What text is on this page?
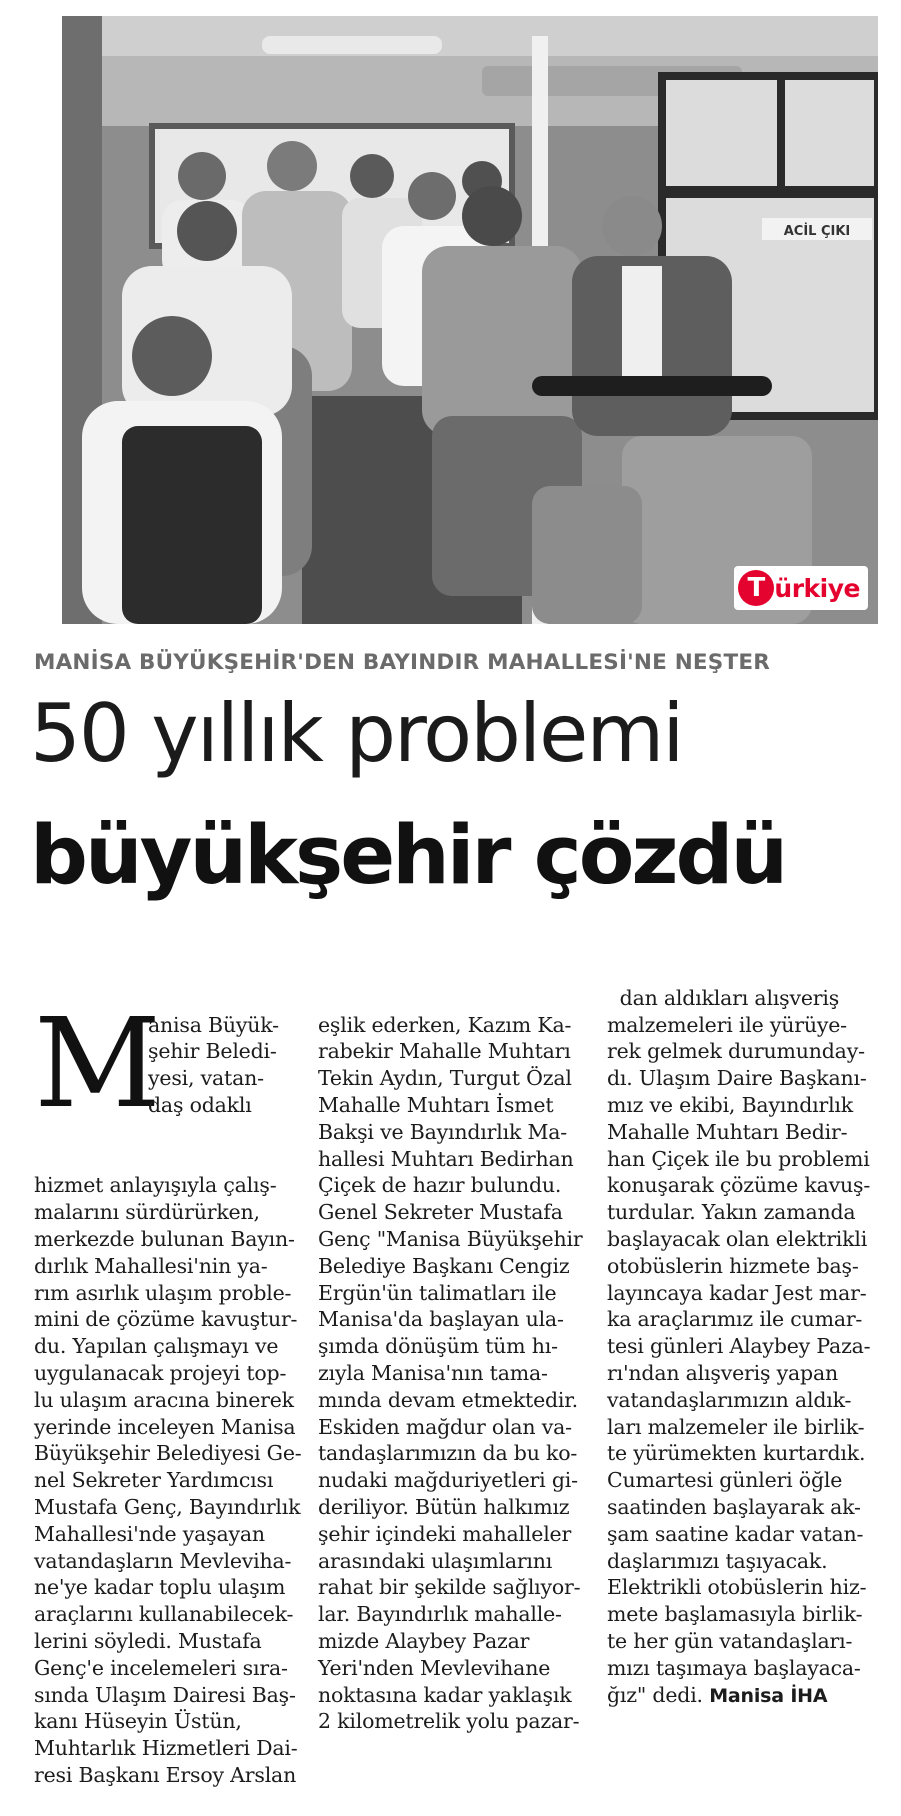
ACİL ÇIKI
T ürkiye
MANİSA BÜYÜKŞEHİR'DEN BAYINDIR MAHALLESİ'NE NEŞTER
50 yıllık problemi
büyükşehir çözdü

M

anisa Büyük-
şehir Beledi-
yesi, vatan-
daş odaklı

hizmet anlayışıyla çalış-
malarını sürdürürken,
merkezde bulunan Bayın-
dırlık Mahallesi'nin ya-
rım asırlık ulaşım proble-
mini de çözüme kavuştur-
du. Yapılan çalışmayı ve
uygulanacak projeyi top-
lu ulaşım aracına binerek
yerinde inceleyen Manisa
Büyükşehir Belediyesi Ge-
nel Sekreter Yardımcısı
Mustafa Genç, Bayındırlık
Mahallesi'nde yaşayan
vatandaşların Mevleviha-
ne'ye kadar toplu ulaşım
araçlarını kullanabilecek-
lerini söyledi. Mustafa
Genç'e incelemeleri sıra-
sında Ulaşım Dairesi Baş-
kanı Hüseyin Üstün,
Muhtarlık Hizmetleri Dai-
resi Başkanı Ersoy Arslan

eşlik ederken, Kazım Ka-
rabekir Mahalle Muhtarı
Tekin Aydın, Turgut Özal
Mahalle Muhtarı İsmet
Bakşi ve Bayındırlık Ma-
hallesi Muhtarı Bedirhan
Çiçek de hazır bulundu.
Genel Sekreter Mustafa
Genç "Manisa Büyükşehir
Belediye Başkanı Cengiz
Ergün'ün talimatları ile
Manisa'da başlayan ula-
şımda dönüşüm tüm hı-
zıyla Manisa'nın tama-
mında devam etmektedir.
Eskiden mağdur olan va-
tandaşlarımızın da bu ko-
nudaki mağduriyetleri gi-
deriliyor. Bütün halkımız
şehir içindeki mahalleler
arasındaki ulaşımlarını
rahat bir şekilde sağlıyor-
lar. Bayındırlık mahalle-
mizde Alaybey Pazar
Yeri'nden Mevlevihane
noktasına kadar yaklaşık
2 kilometrelik yolu pazar-

dan aldıkları alışveriş
malzemeleri ile yürüye-
rek gelmek durumunday-
dı. Ulaşım Daire Başkanı-
mız ve ekibi, Bayındırlık
Mahalle Muhtarı Bedir-
han Çiçek ile bu problemi
konuşarak çözüme kavuş-
turdular. Yakın zamanda
başlayacak olan elektrikli
otobüslerin hizmete baş-
layıncaya kadar Jest mar-
ka araçlarımız ile cumar-
tesi günleri Alaybey Paza-
rı'ndan alışveriş yapan
vatandaşlarımızın aldık-
ları malzemeler ile birlik-
te yürümekten kurtardık.
Cumartesi günleri öğle
saatinden başlayarak ak-
şam saatine kadar vatan-
daşlarımızı taşıyacak.
Elektrikli otobüslerin hiz-
mete başlamasıyla birlik-
te her gün vatandaşları-
mızı taşımaya başlayaca-
ğız" dedi. Manisa İHA
